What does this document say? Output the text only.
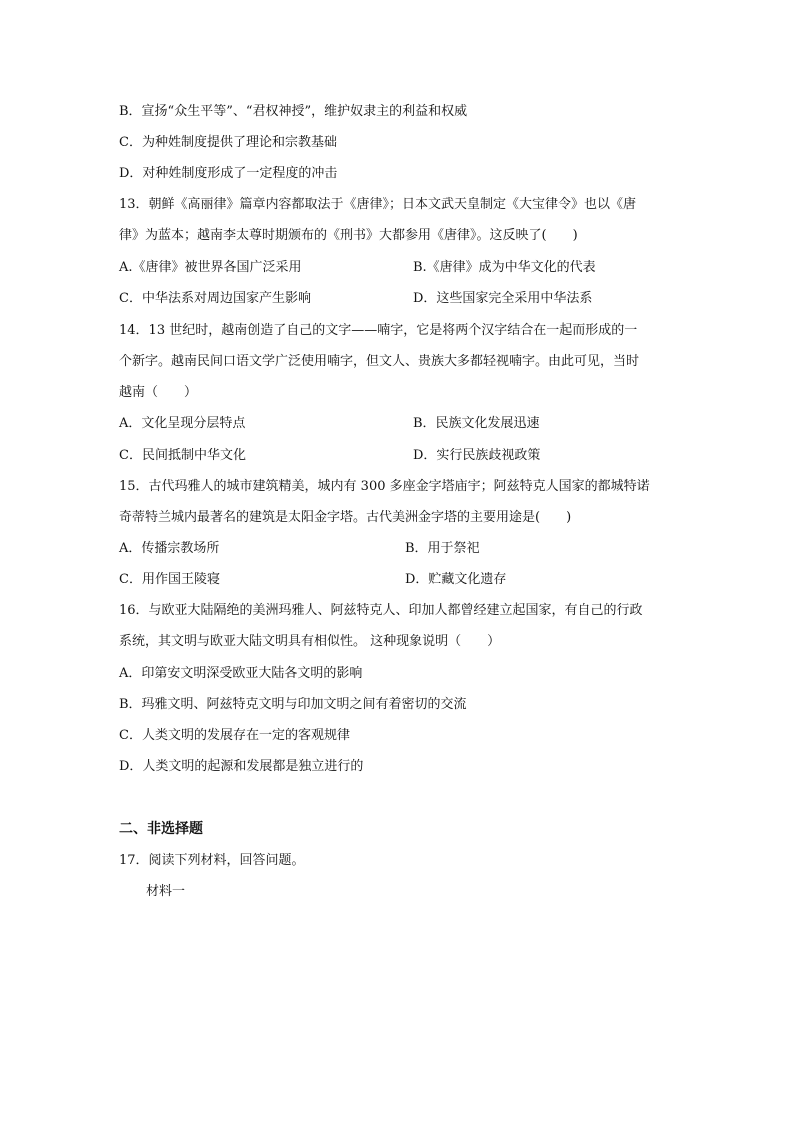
B．宣扬“众生平等”、“君权神授”，维护奴隶主的利益和权威
C．为种姓制度提供了理论和宗教基础
D．对种姓制度形成了一定程度的冲击
13．朝鲜《高丽律》篇章内容都取法于《唐律》；日本文武天皇制定《大宝律令》也以《唐
律》为蓝本；越南李太尊时期颁布的《刑书》大都参用《唐律》。这反映了(　　)
A.《唐律》被世界各国广泛采用	B.《唐律》成为中华文化的代表
C．中华法系对周边国家产生影响	D．这些国家完全采用中华法系
14．13 世纪时，越南创造了自己的文字——喃字，它是将两个汉字结合在一起而形成的一
个新字。越南民间口语文学广泛使用喃字，但文人、贵族大多都轻视喃字。由此可见，当时
越南（　　）
A．文化呈现分层特点	B．民族文化发展迅速
C．民间抵制中华文化	D．实行民族歧视政策
15．古代玛雅人的城市建筑精美，城内有 300 多座金字塔庙宇；阿兹特克人国家的都城特诺
奇蒂特兰城内最著名的建筑是太阳金字塔。古代美洲金字塔的主要用途是(　　)
A．传播宗教场所	B．用于祭祀
C．用作国王陵寝	D．贮藏文化遗存
16．与欧亚大陆隔绝的美洲玛雅人、阿兹特克人、印加人都曾经建立起国家，有自己的行政
系统，其文明与欧亚大陆文明具有相似性。 这种现象说明（　　）
A．印第安文明深受欧亚大陆各文明的影响
B．玛雅文明、阿兹特克文明与印加文明之间有着密切的交流
C．人类文明的发展存在一定的客观规律
D．人类文明的起源和发展都是独立进行的
二、非选择题
17．阅读下列材料，回答问题。
材料一
